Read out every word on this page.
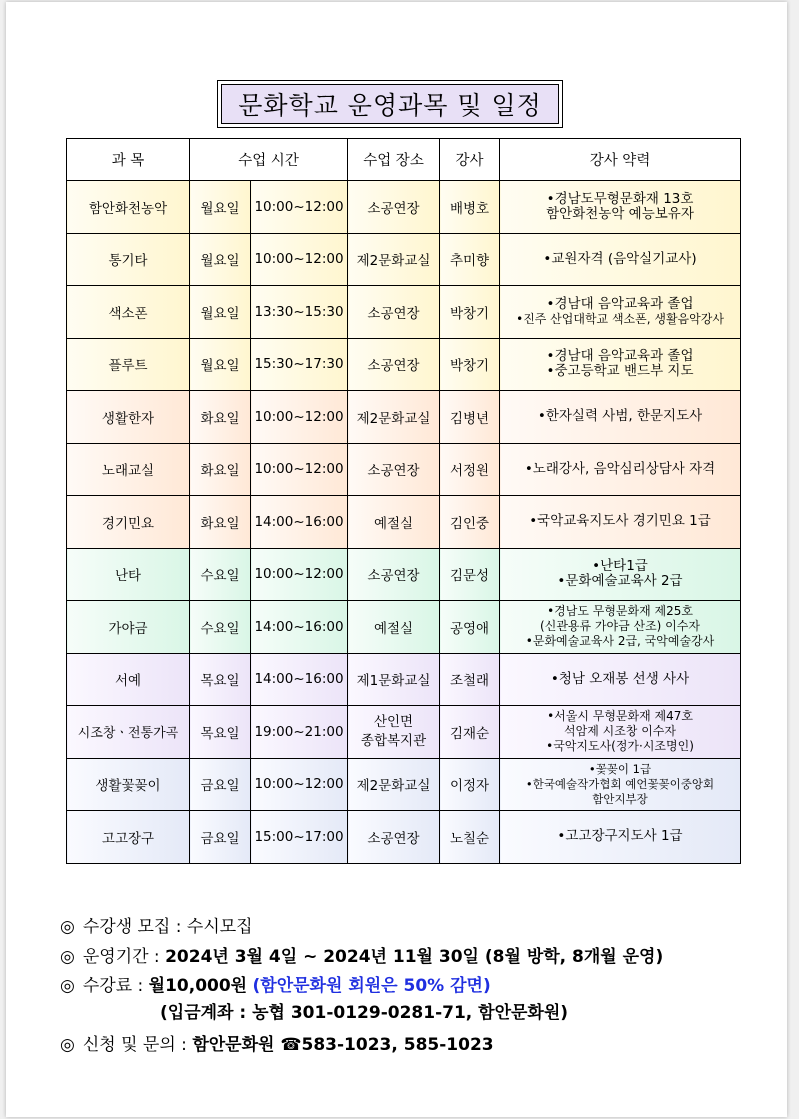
문화학교 운영과목 및 일정
과 목	수업 시간		수업 장소	강사	강사 약력
함안화천농악	월요일	10:00~12:00	소공연장	배병호	•경남도무형문화재 13호
함안화천농악 예능보유자

통기타	월요일	10:00~12:00	제2문화교실	추미향	•교원자격 (음악실기교사)

색소폰	월요일	13:30~15:30	소공연장	박창기	•경남대 음악교육과 졸업
•진주 산업대학교 색소폰, 생활음악강사

플루트	월요일	15:30~17:30	소공연장	박창기	•경남대 음악교육과 졸업
•중고등학교 밴드부 지도

생활한자	화요일	10:00~12:00	제2문화교실	김병년	•한자실력 사범, 한문지도사

노래교실	화요일	10:00~12:00	소공연장	서정원	•노래강사, 음악심리상담사 자격

경기민요	화요일	14:00~16:00	예절실	김인중	•국악교육지도사 경기민요 1급

난타	수요일	10:00~12:00	소공연장	김문성	•난타1급
•문화예술교육사 2급

가야금	수요일	14:00~16:00	예절실	공영애	•경남도 무형문화재 제25호
(신관용류 가야금 산조) 이수자
•문화예술교육사 2급, 국악예술강사

서예	목요일	14:00~16:00	제1문화교실	조철래	•청남 오재봉 선생 사사

시조창ㆍ전통가곡	목요일	19:00~21:00	산인면
종합복지관	김재순	•서울시 무형문화재 제47호
석암제 시조창 이수자
•국악지도사(정가·시조명인)

생활꽃꽂이	금요일	10:00~12:00	제2문화교실	이정자	•꽃꽂이 1급
•한국예술작가협회 예언꽃꽂이중앙회
함안지부장

고고장구	금요일	15:00~17:00	소공연장	노칠순	•고고장구지도사 1급
◎ 수강생 모집 : 수시모집
◎ 운영기간 : 2024년 3월 4일 ~ 2024년 11월 30일 (8월 방학, 8개월 운영)
◎ 수강료 : 월10,000원 (함안문화원 회원은 50% 감면)
(입금계좌 : 농협 301-0129-0281-71, 함안문화원)
◎ 신청 및 문의 : 함안문화원 ☎583-1023, 585-1023
